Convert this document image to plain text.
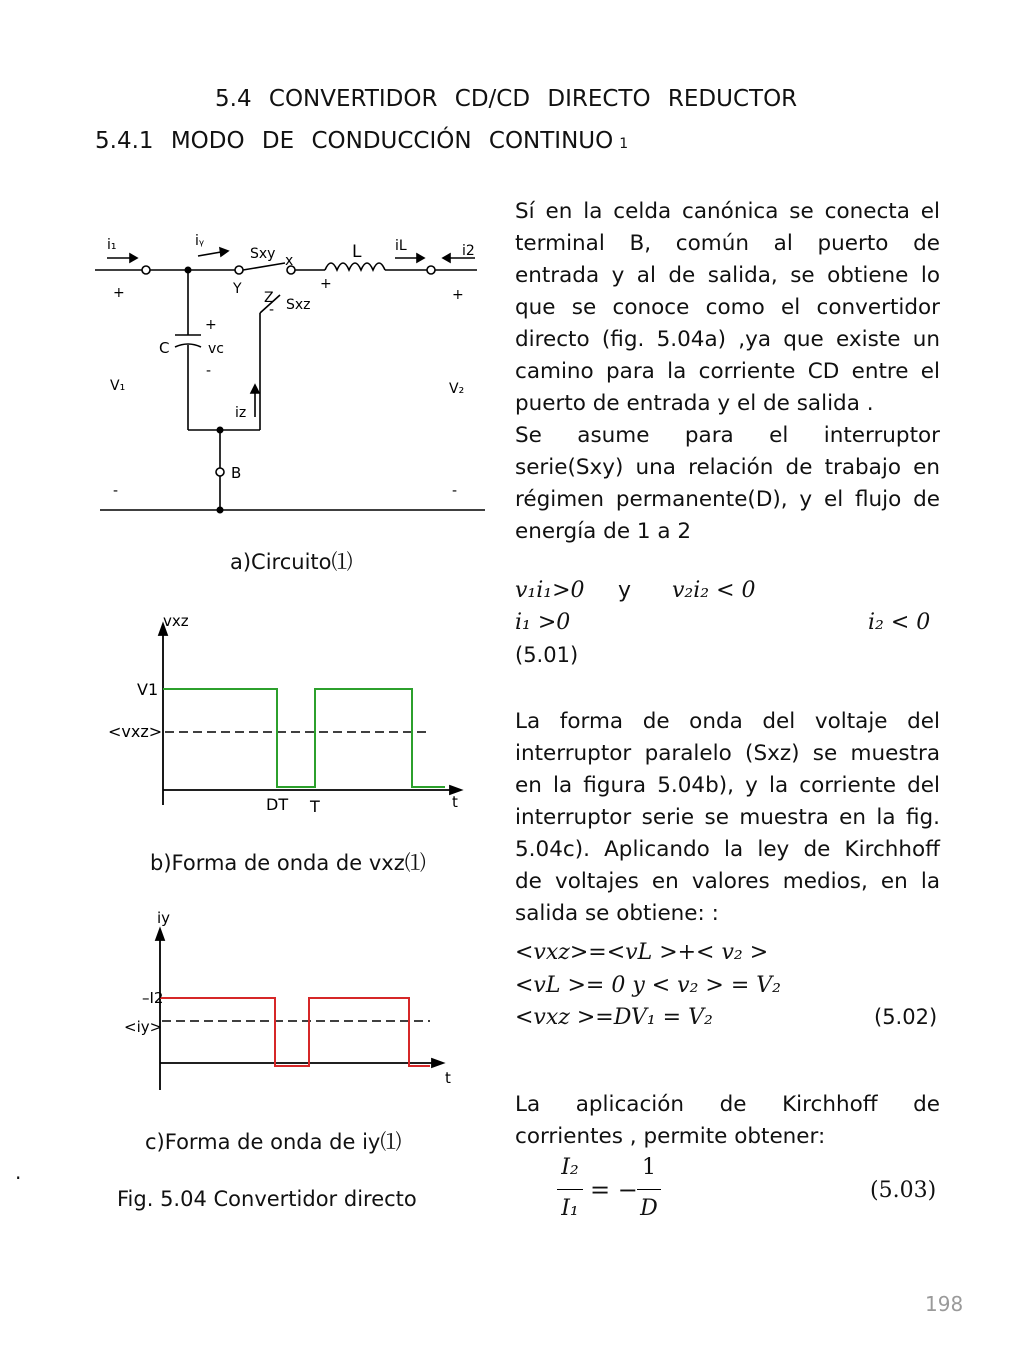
5.4 CONVERTIDOR CD/CD DIRECTO REDUCTOR
5.4.1 MODO DE CONDUCCIÓN CONTINUO 1
i₁	iᵧ
Sxy x	L iL	i2
+	Y	+
+
Z
- Sxz
+
C	vc
-
V₁	V₂
iz
B
-	-
a)Circuito⑴
vxz
V1
<vxz>
t
DT T
b)Forma de onda de vxz⑴
iy
–I2
<iy>
t
c)Forma de onda de iy⑴
.
Fig. 5.04 Convertidor directo
Sí en la celda canónica se conecta el
terminal B, común al puerto de
entrada y al de salida, se obtiene lo
que se conoce como el convertidor
directo (fig. 5.04a) ,ya que existe un
camino para la corriente CD entre el
puerto de entrada y el de salida .
Se asume para el interruptor
serie(Sxy) una relación de trabajo en
régimen permanente(D), y el flujo de
energía de 1 a 2
v₁i₁>0 y v₂i₂ < 0
i₁ >0	i₂ < 0
(5.01)
La forma de onda del voltaje del
interruptor paralelo (Sxz) se muestra
en la figura 5.04b), y la corriente del
interruptor serie se muestra en la fig.
5.04c). Aplicando la ley de Kirchhoff
de voltajes en valores medios, en la
salida se obtiene: :
<vxz>=<vL >+< v₂ >
<vL >= 0 y < v₂ > = V₂
<vxz >=DV₁ = V₂	(5.02)
La aplicación de Kirchhoff de
corrientes , permite obtener:
I₂
I₁
= −
1
D
(5.03)
198
